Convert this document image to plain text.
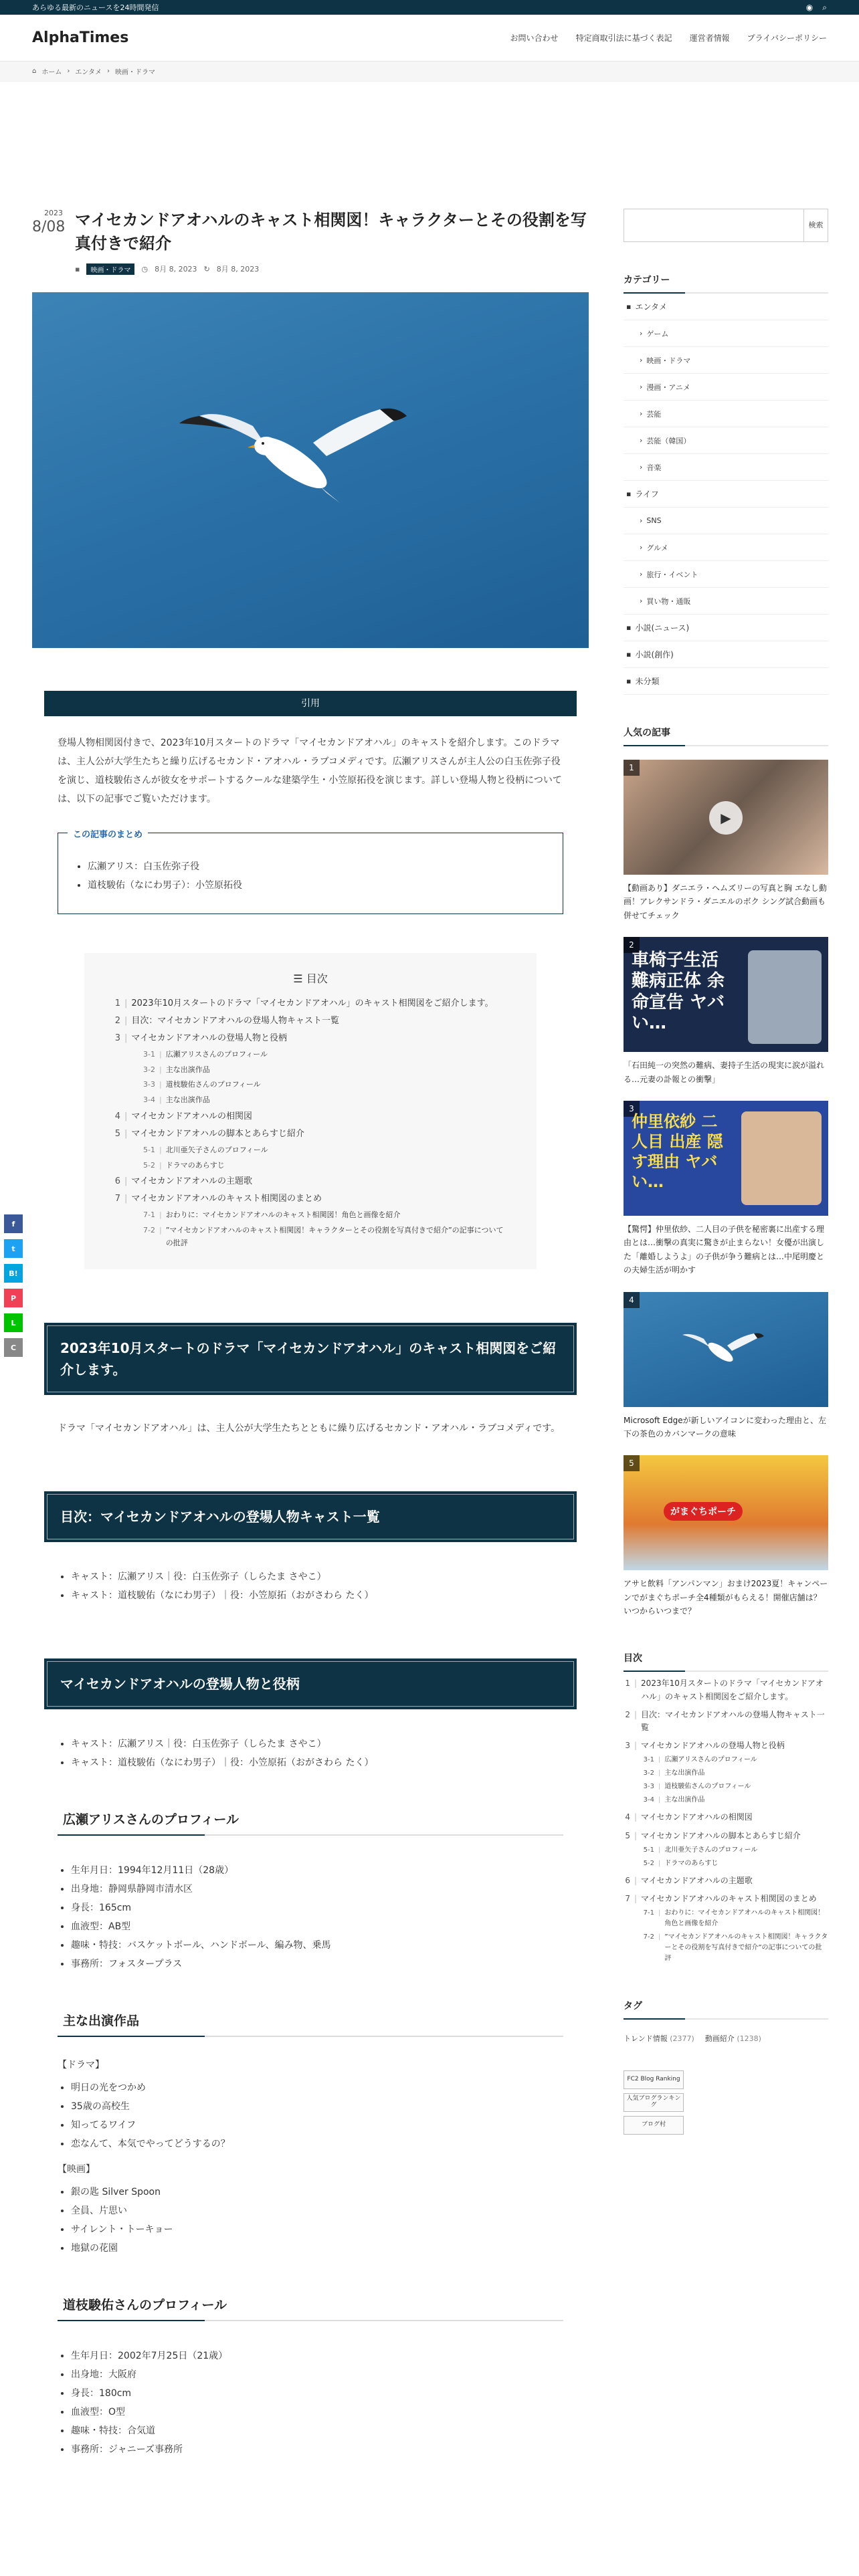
あらゆる最新のニュースを24時間発信	◉ ⌕
AlphaTimes	お問い合わせ 特定商取引法に基づく表記 運営者情報 プライバシーポリシー
⌂ ホーム › エンタメ › 映画・ドラマ
2023
8/08 マイセカンドアオハルのキャスト相関図！キャラクターとその役割を写真付きで紹介
▪	映画・ドラマ	◷ 8月 8, 2023 ↻ 8月 8, 2023
引用

登場人物相関図付きで、2023年10月スタートのドラマ「マイセカンドアオハル」のキャストを紹介します。このドラマは、主人公が大学生たちと繰り広げるセカンド・アオハル・ラブコメディです。広瀬アリスさんが主人公の白玉佐弥子役を演じ、道枝駿佑さんが彼女をサポートするクールな建築学生・小笠原拓役を演じます。詳しい登場人物と役柄については、以下の記事でご覧いただけます。

この記事のまとめ
• 広瀬アリス：白玉佐弥子役
• 道枝駿佑（なにわ男子）：小笠原拓役
☰ 目次
1 | 2023年10月スタートのドラマ「マイセカンドアオハル」のキャスト相関図をご紹介します。
2 | 目次：マイセカンドアオハルの登場人物キャスト一覧
3 | マイセカンドアオハルの登場人物と役柄
3-1 | 広瀬アリスさんのプロフィール
3-2 | 主な出演作品
3-3 | 道枝駿佑さんのプロフィール
3-4 | 主な出演作品
4 | マイセカンドアオハルの相関図
5 | マイセカンドアオハルの脚本とあらすじ紹介
5-1 | 北川亜矢子さんのプロフィール
5-2 | ドラマのあらすじ
6 | マイセカンドアオハルの主題歌
7 | マイセカンドアオハルのキャスト相関図のまとめ
7-1 | おわりに：マイセカンドアオハルのキャスト相関図！角色と画像を紹介
7-2 | ”マイセカンドアオハルのキャスト相関図！キャラクターとその役割を写真付きで紹介”の記事についての批評
2023年10月スタートのドラマ「マイセカンドアオハル」のキャスト相関図をご紹介します。

ドラマ「マイセカンドアオハル」は、主人公が大学生たちとともに繰り広げるセカンド・アオハル・ラブコメディです。

目次：マイセカンドアオハルの登場人物キャスト一覧
• キャスト：広瀬アリス｜役：白玉佐弥子（しらたま さやこ）
• キャスト：道枝駿佑（なにわ男子）｜役：小笠原拓（おがさわら たく）
マイセカンドアオハルの登場人物と役柄
• キャスト：広瀬アリス｜役：白玉佐弥子（しらたま さやこ）
• キャスト：道枝駿佑（なにわ男子）｜役：小笠原拓（おがさわら たく）
広瀬アリスさんのプロフィール
• 生年月日：1994年12月11日（28歳）
• 出身地：静岡県静岡市清水区
• 身長：165cm
• 血液型：AB型
• 趣味・特技：バスケットボール、ハンドボール、編み物、乗馬
• 事務所：フォスタープラス
主な出演作品

【ドラマ】

• 明日の光をつかめ
• 35歳の高校生
• 知ってるワイフ
• 恋なんて、本気でやってどうするの？

【映画】

• 銀の匙 Silver Spoon
• 全員、片思い
• サイレント・トーキョー
• 地獄の花園
道枝駿佑さんのプロフィール
• 生年月日：2002年7月25日（21歳）
• 出身地：大阪府
• 身長：180cm
• 血液型：O型
• 趣味・特技：合気道
• 事務所：ジャニーズ事務所
検索
カテゴリー
▪ エンタメ
› ゲーム
› 映画・ドラマ
› 漫画・アニメ
› 芸能
› 芸能（韓国）
› 音楽
▪ ライフ
› SNS
› グルメ
› 旅行・イベント
› 買い物・通販
▪ 小説(ニュース)
▪ 小説(創作)
▪ 未分類
人気の記事
1
▶
【動画あり】ダニエラ・ヘムズリーの写真と胸 エなし動画！アレクサンドラ・ダニエルのボク シング試合動画も併せてチェック
2
車椅子生活 難病正体 余命宣告 ヤバい…
「石田純一の突然の難病、妻持子生活の現実に涙が溢れる…元妻の訃報との衝撃」
3
仲里依紗 二人目 出産 隠す理由 ヤバい…
【驚愕】仲里依紗、二人目の子供を秘密裏に出産する理由とは…衝撃の真実に驚きが止まらない！女優が出演した「離婚しようよ」の子供が争う難病とは…中尾明慶との夫婦生活が明かす
4
Microsoft Edgeが新しいアイコンに変わった理由と、左下の茶色のカバンマークの意味
5
がまぐちポーチ
アサヒ飲料「アンパンマン」おまけ2023夏！キャンペーンでがまぐちポーチ全4種類がもらえる！開催店舗は？いつからいつまで？
目次
1 | 2023年10月スタートのドラマ「マイセカンドアオハル」のキャスト相関図をご紹介します。
2 | 目次：マイセカンドアオハルの登場人物キャスト一覧
3 | マイセカンドアオハルの登場人物と役柄
3-1 | 広瀬アリスさんのプロフィール
3-2 | 主な出演作品
3-3 | 道枝駿佑さんのプロフィール
3-4 | 主な出演作品
4 | マイセカンドアオハルの相関図
5 | マイセカンドアオハルの脚本とあらすじ紹介
5-1 | 北川亜矢子さんのプロフィール
5-2 | ドラマのあらすじ
6 | マイセカンドアオハルの主題歌
7 | マイセカンドアオハルのキャスト相関図のまとめ
7-1 | おわりに：マイセカンドアオハルのキャスト相関図！角色と画像を紹介
7-2 | ”マイセカンドアオハルのキャスト相関図！キャラクターとその役割を写真付きで紹介”の記事についての批評
タグ
トレンド情報 (2377) 動画紹介 (1238)
FC2 Blog Ranking
人気ブログランキング
ブログ村
f
t
B!
P
L
C
